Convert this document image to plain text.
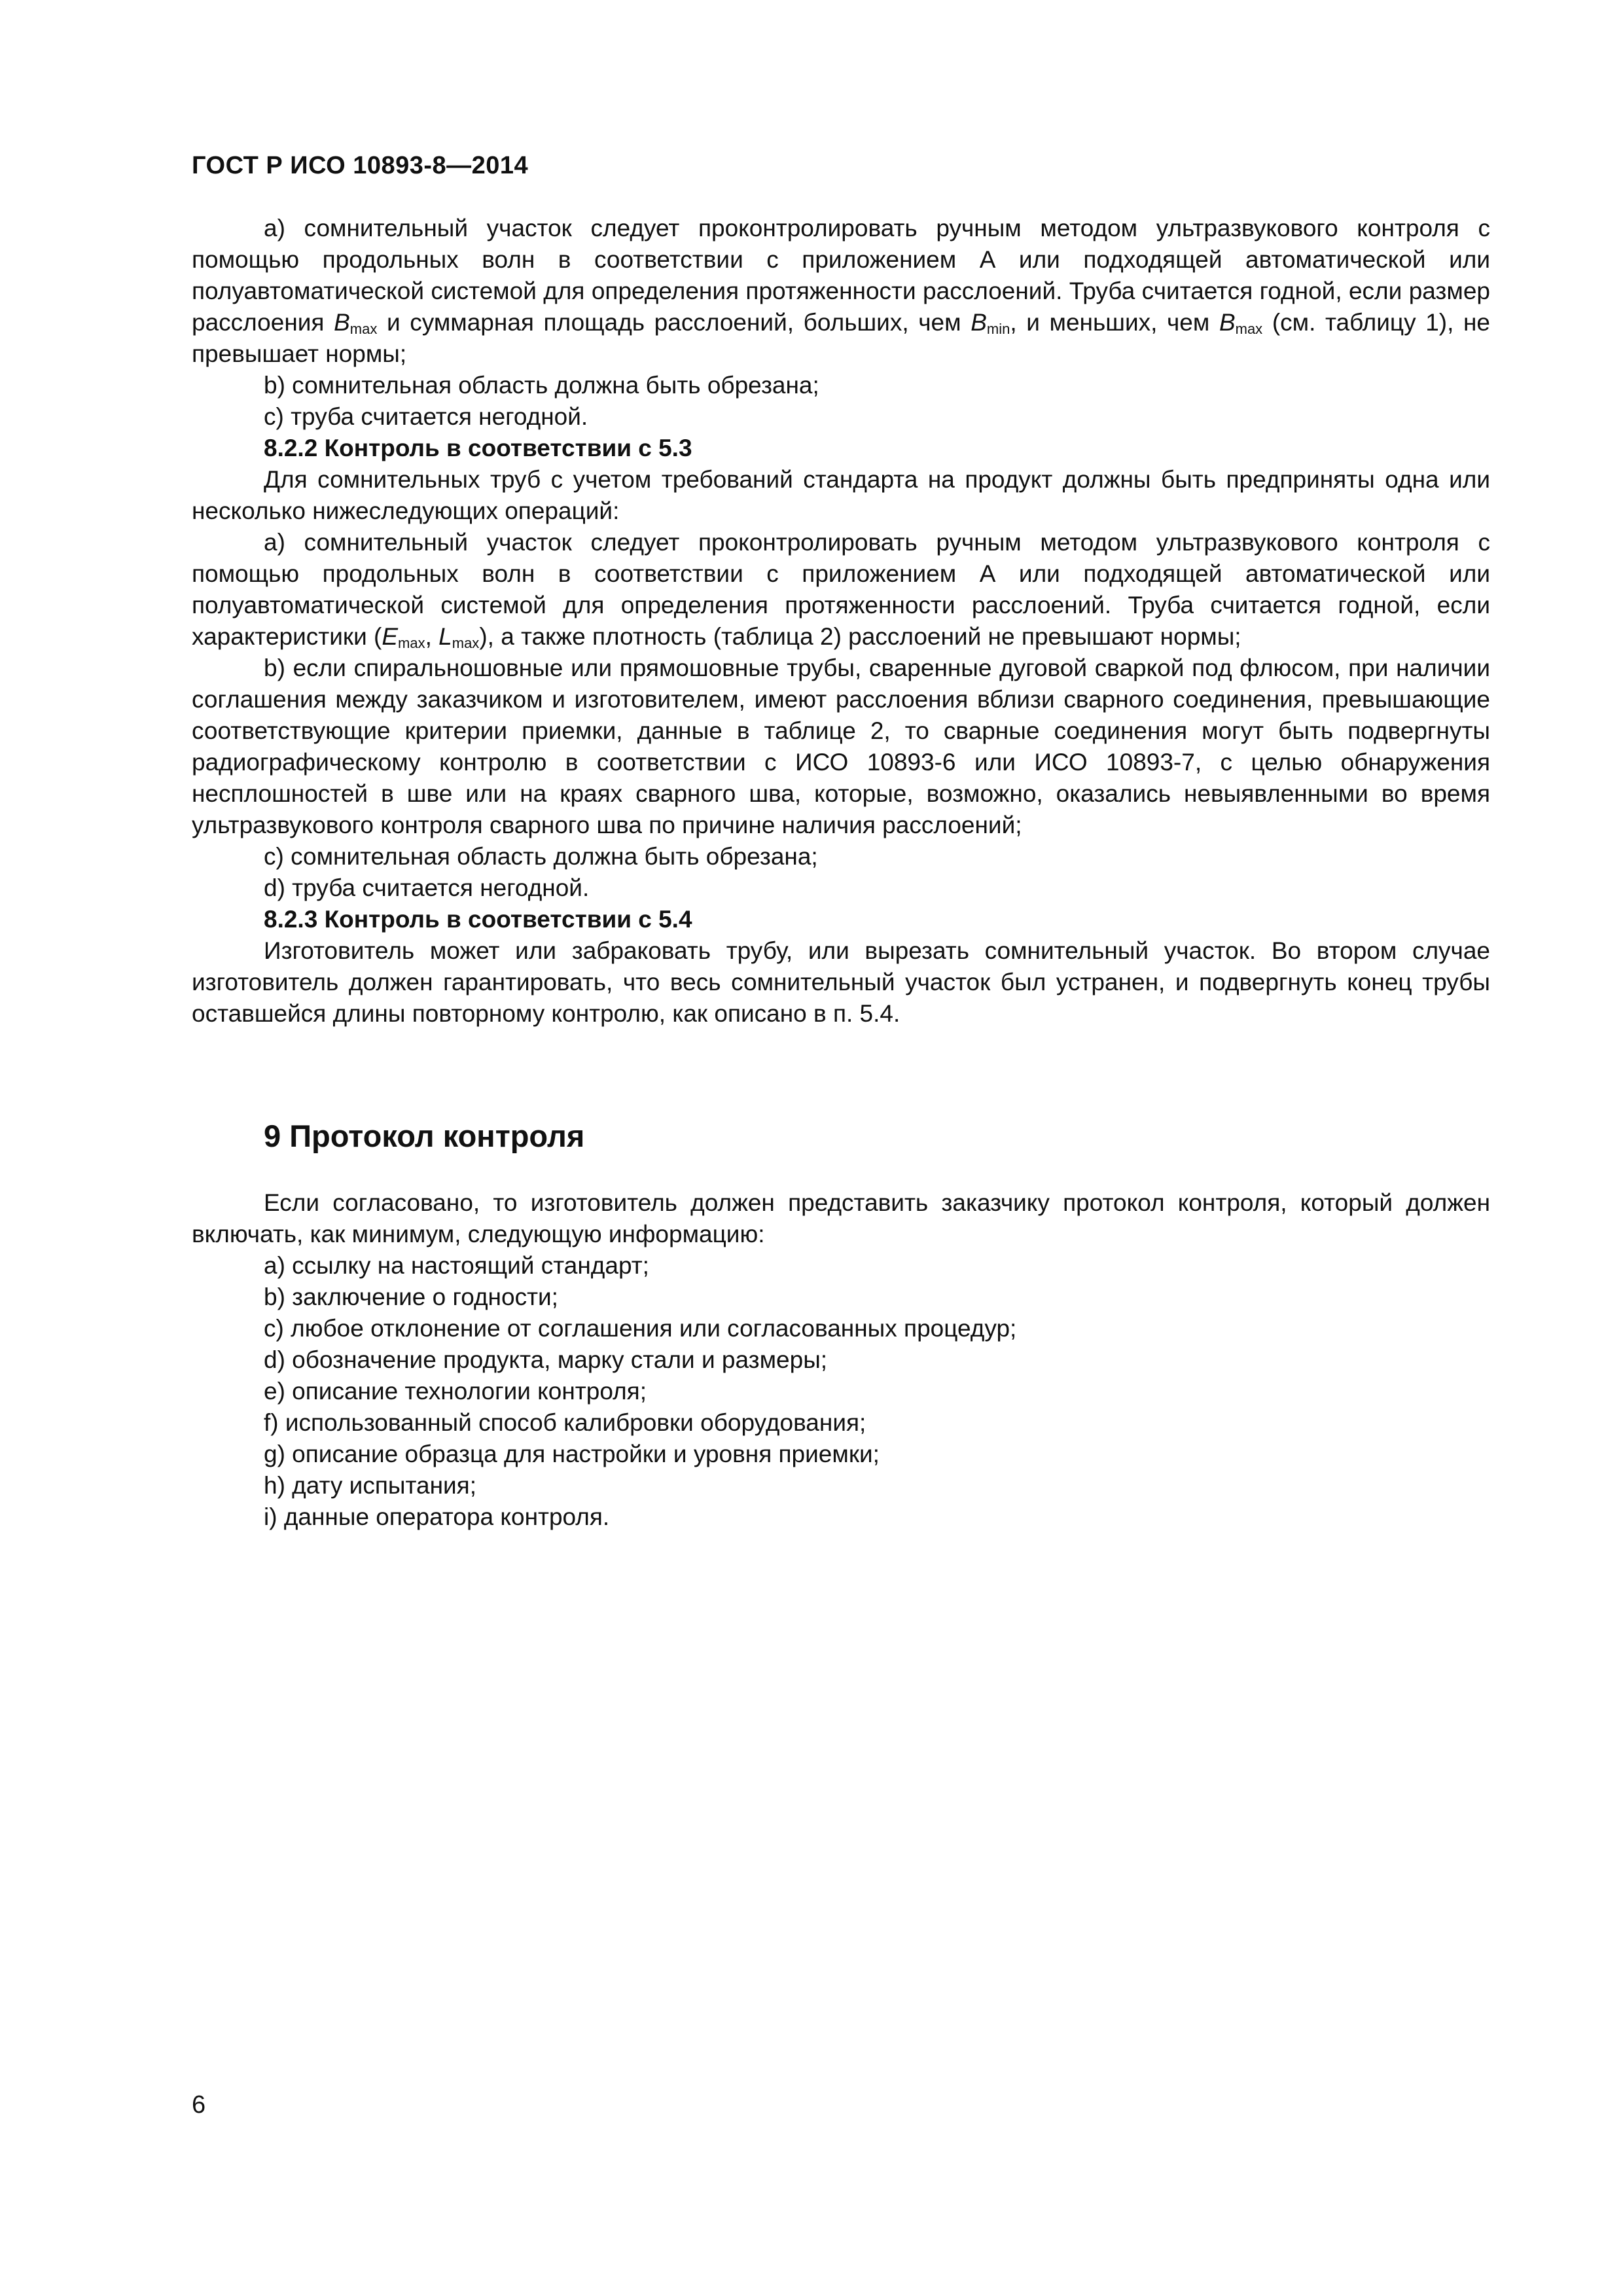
ГОСТ Р ИСО 10893-8—2014

а) сомнительный участок следует проконтролировать ручным методом ультразвукового контроля с помощью продольных волн в соответствии с приложением А или подходящей автоматической или полуавтоматической системой для определения протяженности расслоений. Труба считается годной, если размер расслоения $B_{max}$ и суммарная площадь расслоений, больших, чем $B_{min}$, и меньших, чем $B_{max}$ (см. таблицу 1), не превышает нормы;

b) сомнительная область должна быть обрезана;

с) труба считается негодной.

8.2.2 Контроль в соответствии с 5.3

Для сомнительных труб с учетом требований стандарта на продукт должны быть предприняты одна или несколько нижеследующих операций:

а) сомнительный участок следует проконтролировать ручным методом ультразвукового контроля с помощью продольных волн в соответствии с приложением А или подходящей автоматической или полуавтоматической системой для определения протяженности расслоений. Труба считается годной, если характеристики ($E_{max}$, $L_{max}$), а также плотность (таблица 2) расслоений не превышают нормы;

b) если спиральношовные или прямошовные трубы, сваренные дуговой сваркой под флюсом, при наличии соглашения между заказчиком и изготовителем, имеют расслоения вблизи сварного соединения, превышающие соответствующие критерии приемки, данные в таблице 2, то сварные соединения могут быть подвергнуты радиографическому контролю в соответствии с ИСО 10893-6 или ИСО 10893-7, с целью обнаружения несплошностей в шве или на краях сварного шва, которые, возможно, оказались невыявленными во время ультразвукового контроля сварного шва по причине наличия расслоений;

с) сомнительная область должна быть обрезана;

d) труба считается негодной.

8.2.3 Контроль в соответствии с 5.4

Изготовитель может или забраковать трубу, или вырезать сомнительный участок. Во втором случае изготовитель должен гарантировать, что весь сомнительный участок был устранен, и подвергнуть конец трубы оставшейся длины повторному контролю, как описано в п. 5.4.

9 Протокол контроля

Если согласовано, то изготовитель должен представить заказчику протокол контроля, который должен включать, как минимум, следующую информацию:

а) ссылку на настоящий стандарт;

b) заключение о годности;

c) любое отклонение от соглашения или согласованных процедур;

d) обозначение продукта, марку стали и размеры;

е) описание технологии контроля;

f) использованный способ калибровки оборудования;

g) описание образца для настройки и уровня приемки;

h) дату испытания;

i) данные оператора контроля.

6
